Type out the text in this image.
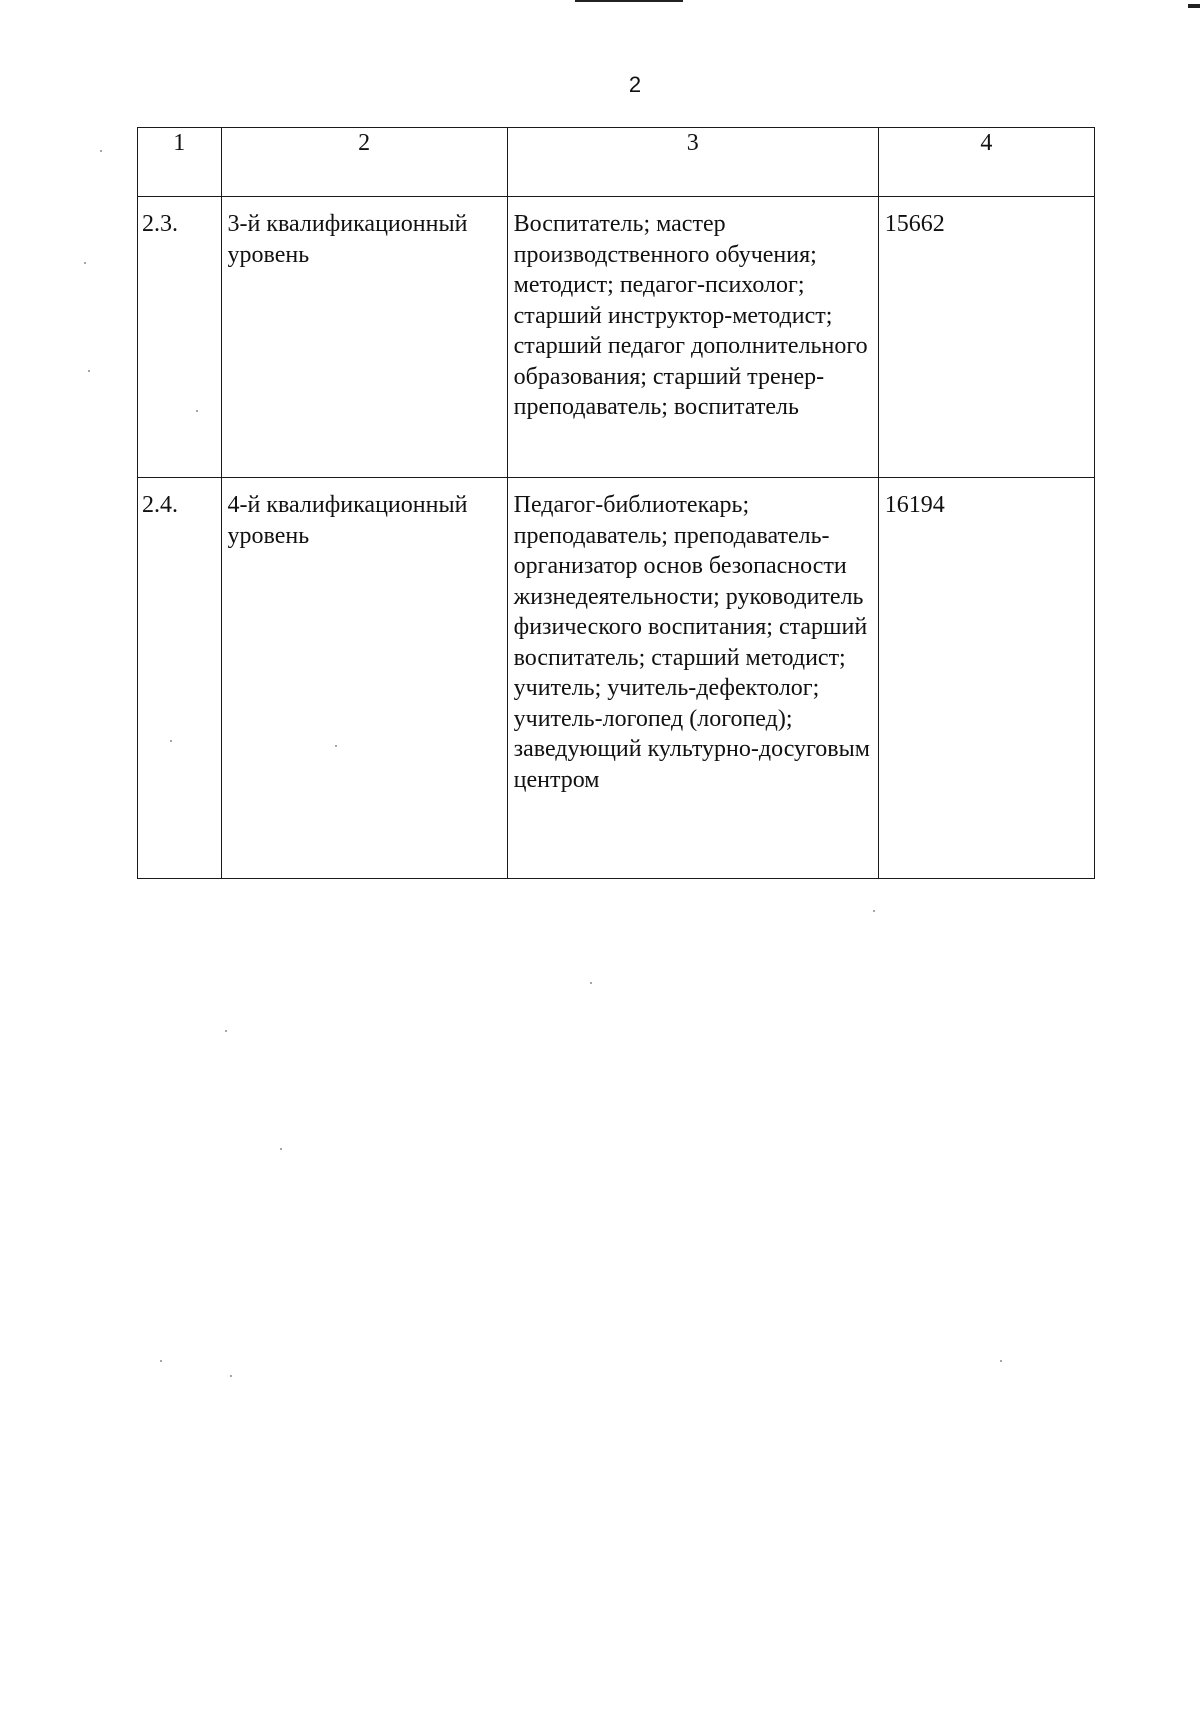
2
1	2	3	4

2.3.	3-й квалификационный уровень	Воспитатель; мастер производственного обучения; методист; педагог-психолог; старший инструктор-методист; старший педагог дополнительного образования; старший тренер-преподаватель; воспитатель	15662

2.4.	4-й квалификационный уровень	Педагог-библиотекарь; преподаватель; преподаватель-организатор основ безопасности жизнедеятельности; руководитель физического воспитания; старший воспитатель; старший методист; учитель; учитель-дефектолог; учитель-логопед (логопед); заведующий культурно-досуговым центром	16194
